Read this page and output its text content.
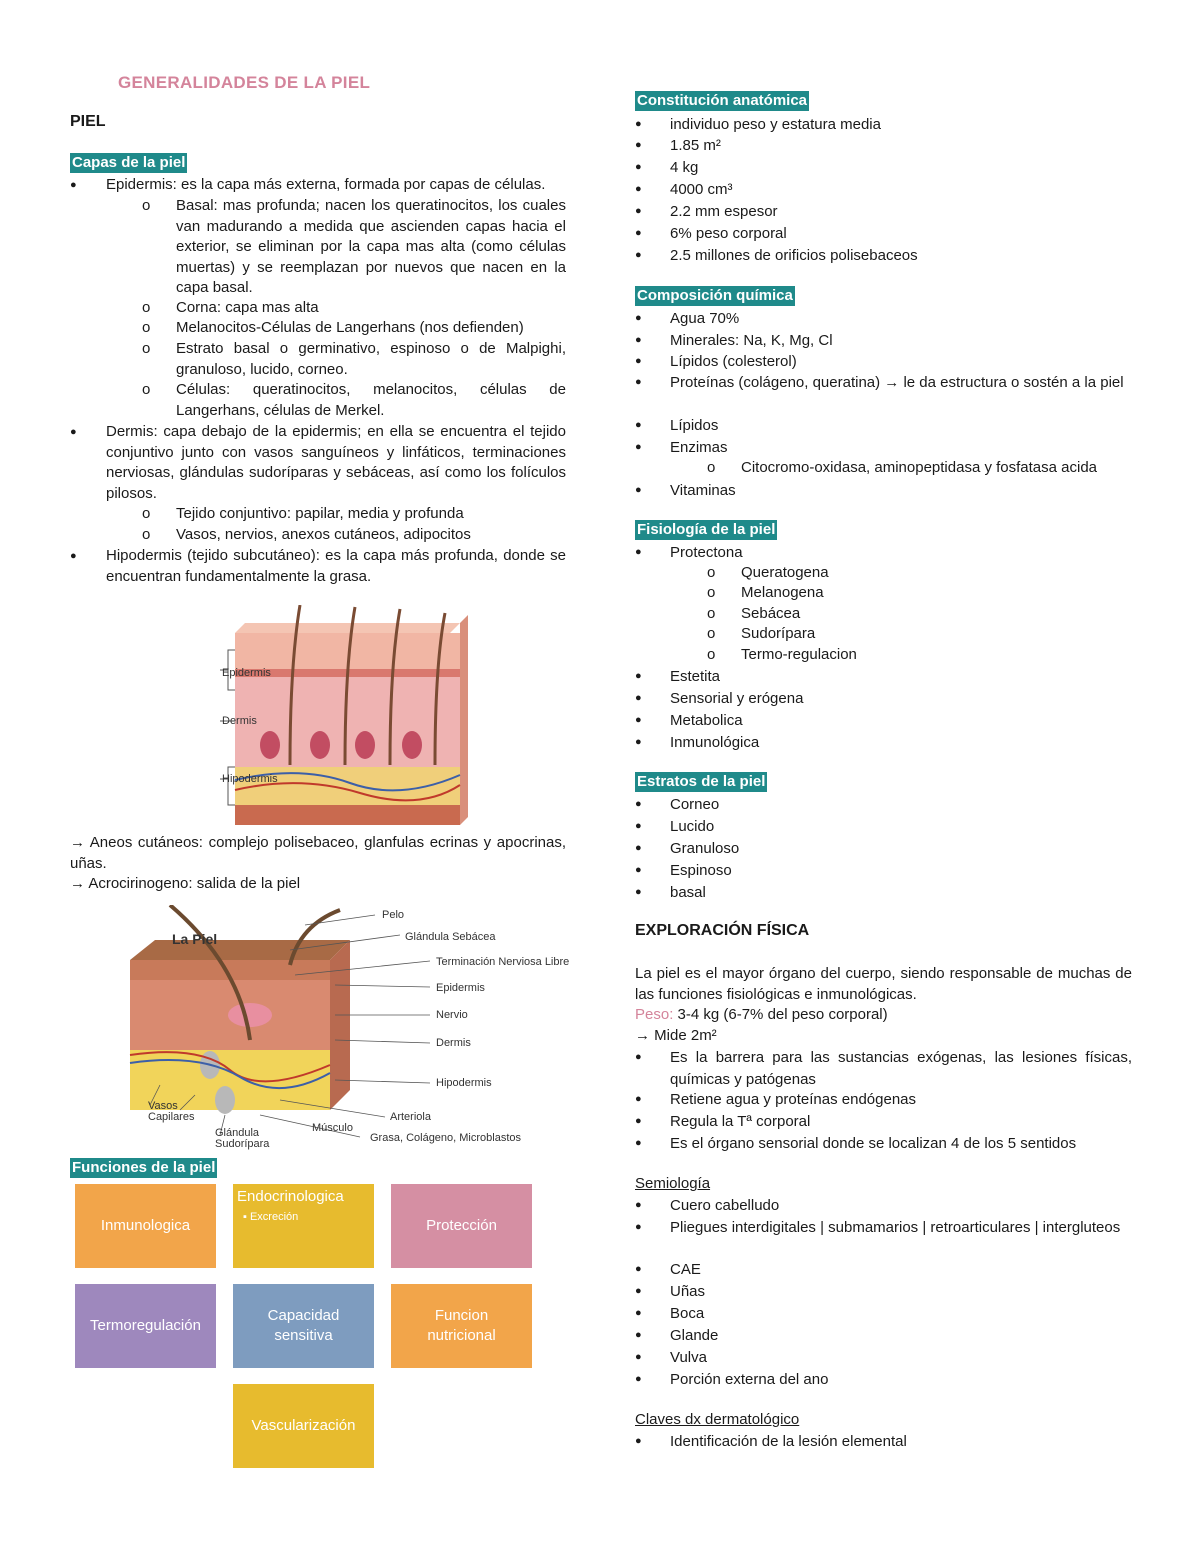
GENERALIDADES DE LA PIEL
PIEL
Capas de la piel
● Epidermis: es la capa más externa, formada por capas de células.
o Basal: mas profunda; nacen los queratinocitos, los cuales van madurando a medida que ascienden capas hacia el exterior, se eliminan por la capa mas alta (como células muertas) y se reemplazan por nuevos que nacen en la capa basal.
o Corna: capa mas alta
o Melanocitos-Células de Langerhans (nos defienden)
o Estrato basal o germinativo, espinoso o de Malpighi, granuloso, lucido, corneo.
o Células: queratinocitos, melanocitos, células de Langerhans, células de Merkel.
● Dermis: capa debajo de la epidermis; en ella se encuentra el tejido conjuntivo junto con vasos sanguíneos y linfáticos, terminaciones nerviosas, glándulas sudoríparas y sebáceas, así como los folículos pilosos.
o Tejido conjuntivo: papilar, media y profunda
o Vasos, nervios, anexos cutáneos, adipocitos
● Hipodermis (tejido subcutáneo): es la capa más profunda, donde se encuentran fundamentalmente la grasa.
Epidermis
Dermis
Hipodermis
→ Aneos cutáneos: complejo polisebaceo, glanfulas ecrinas y apocrinas, uñas.
→ Acrocirinogeno: salida de la piel
La Piel
Pelo
Glándula Sebácea
Terminación Nerviosa Libre
Epidermis
Nervio
Dermis
Hipodermis
Arteriola
Grasa, Colágeno, Microblastos
Músculo
Vasos Capilares
Glándula Sudorípara
Funciones de la piel
Inmunologica
Endocrinologica
▪ Excreción	Protección
Termoregulación
Capacidad sensitiva
Funcion nutricional
Vascularización
Constitución anatómica
● individuo peso y estatura media
● 1.85 m²
● 4 kg
● 4000 cm³
● 2.2 mm espesor
● 6% peso corporal
● 2.5 millones de orificios polisebaceos
Composición química
● Agua 70%
● Minerales: Na, K, Mg, Cl
● Lípidos (colesterol)
● Proteínas (colágeno, queratina) → le da estructura o sostén a la piel
● Lípidos
● Enzimas
o Citocromo-oxidasa, aminopeptidasa y fosfatasa acida
● Vitaminas
Fisiología de la piel
● Protectona
o Queratogena
o Melanogena
o Sebácea
o Sudorípara
o Termo-regulacion
● Estetita
● Sensorial y erógena
● Metabolica
● Inmunológica
Estratos de la piel
● Corneo
● Lucido
● Granuloso
● Espinoso
● basal
EXPLORACIÓN FÍSICA
La piel es el mayor órgano del cuerpo, siendo responsable de muchas de las funciones fisiológicas e inmunológicas.
Peso: 3-4 kg (6-7% del peso corporal)
→ Mide 2m²
● Es la barrera para las sustancias exógenas, las lesiones físicas, químicas y patógenas
● Retiene agua y proteínas endógenas
● Regula la Tª corporal
● Es el órgano sensorial donde se localizan 4 de los 5 sentidos
Semiología
● Cuero cabelludo
● Pliegues interdigitales | submamarios | retroarticulares | intergluteos
● CAE
● Uñas
● Boca
● Glande
● Vulva
● Porción externa del ano
Claves dx dermatológico
● Identificación de la lesión elemental
